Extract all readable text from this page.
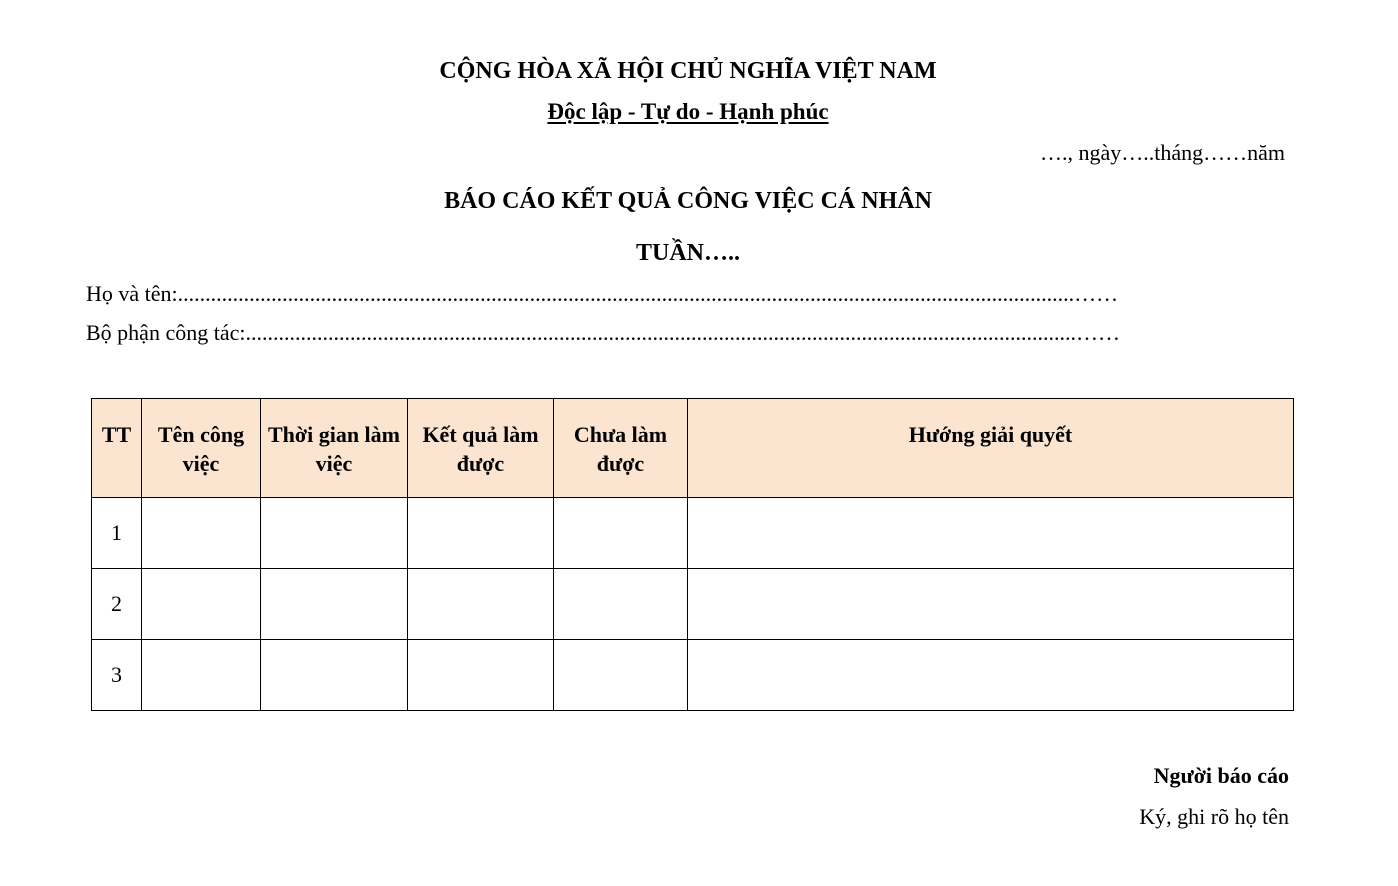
CỘNG HÒA XÃ HỘI CHỦ NGHĨA VIỆT NAM
Độc lập - Tự do - Hạnh phúc
…., ngày…..tháng……năm
BÁO CÁO KẾT QUẢ CÔNG VIỆC CÁ NHÂN
TUẦN…..
Họ và tên:...................................................................................................................................................................……
Bộ phận công tác:.......................................................................................................................................................……
TT	Tên công việc	Thời gian làm việc	Kết quả làm được	Chưa làm được	Hướng giải quyết
1					
2					
3					
Người báo cáo
Ký, ghi rõ họ tên
